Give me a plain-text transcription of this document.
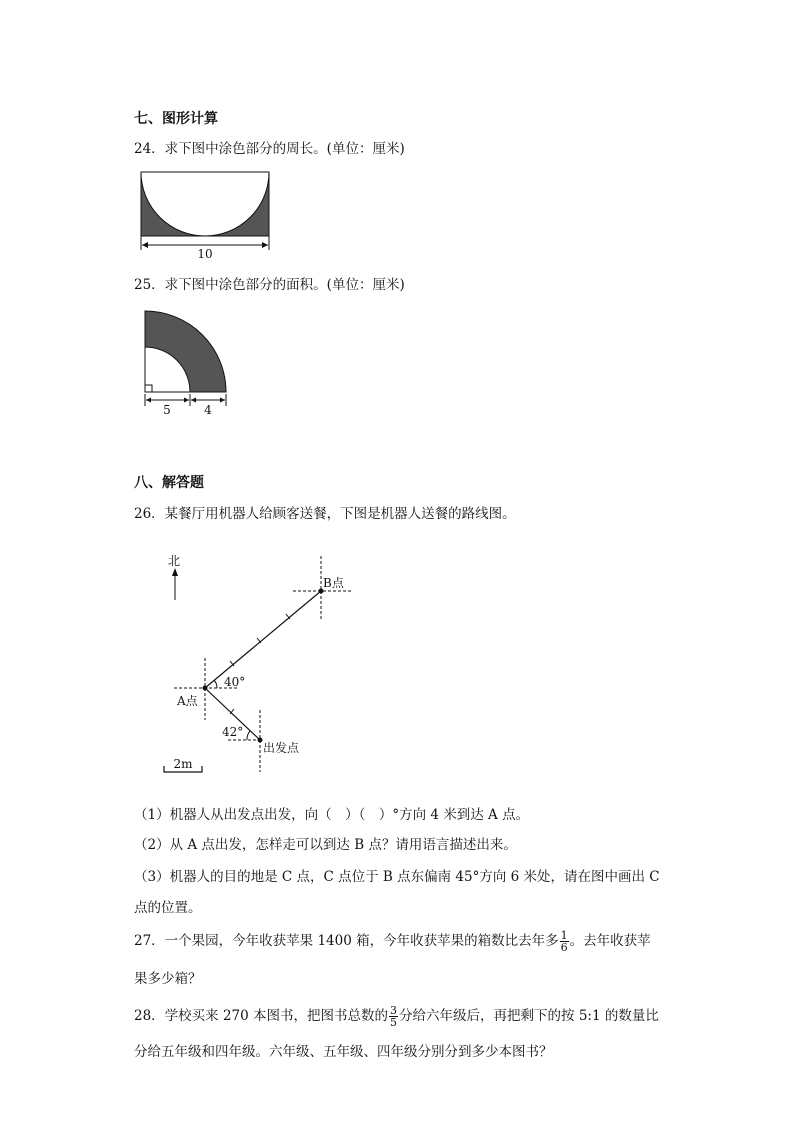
七、图形计算
24．求下图中涂色部分的周长。(单位：厘米)
10
25．求下图中涂色部分的面积。(单位：厘米)
5	4
八、解答题
26．某餐厅用机器人给顾客送餐，下图是机器人送餐的路线图。
北
B点
A点
40°
出发点
42°
2m
（1）机器人从出发点出发，向（　）（　）°方向 4 米到达 A 点。
（2）从 A 点出发，怎样走可以到达 B 点？请用语言描述出来。
（3）机器人的目的地是 C 点，C 点位于 B 点东偏南 45°方向 6 米处，请在图中画出 C
点的位置。
27．一个果园，今年收获苹果 1400 箱，今年收获苹果的箱数比去年多 $\frac{1}{6}$ 。去年收获苹
果多少箱？
28．学校买来 270 本图书，把图书总数的 $\frac{3}{5}$ 分给六年级后，再把剩下的按 5:1 的数量比
分给五年级和四年级。六年级、五年级、四年级分别分到多少本图书？
